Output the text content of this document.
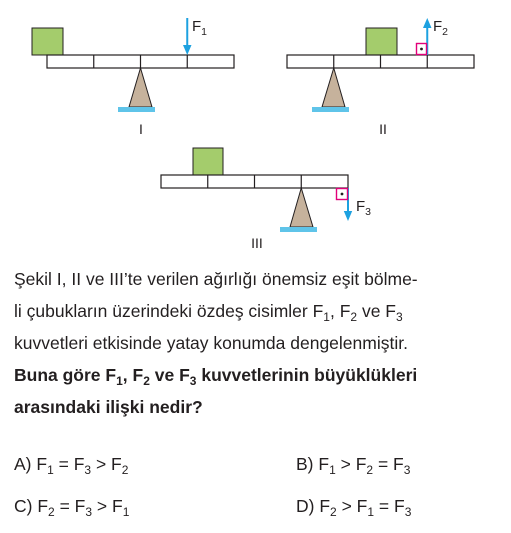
$F_1$
I
$F_2$
II
$F_3$
III
Şekil I, II ve III’te verilen ağırlığı önemsiz eşit bölme-
li çubukların üzerindeki özdeş cisimler $F_1$, $F_2$ ve $F_3$
kuvvetleri etkisinde yatay konumda dengelenmiştir.
Buna göre $F_1$, $F_2$ ve $F_3$ kuvvetlerinin büyüklükleri
arasındaki ilişki nedir?
A) $F_1 = F_3 > F_2$	B) $F_1 > F_2 = F_3$
C) $F_2 = F_3 > F_1$	D) $F_2 > F_1 = F_3$
